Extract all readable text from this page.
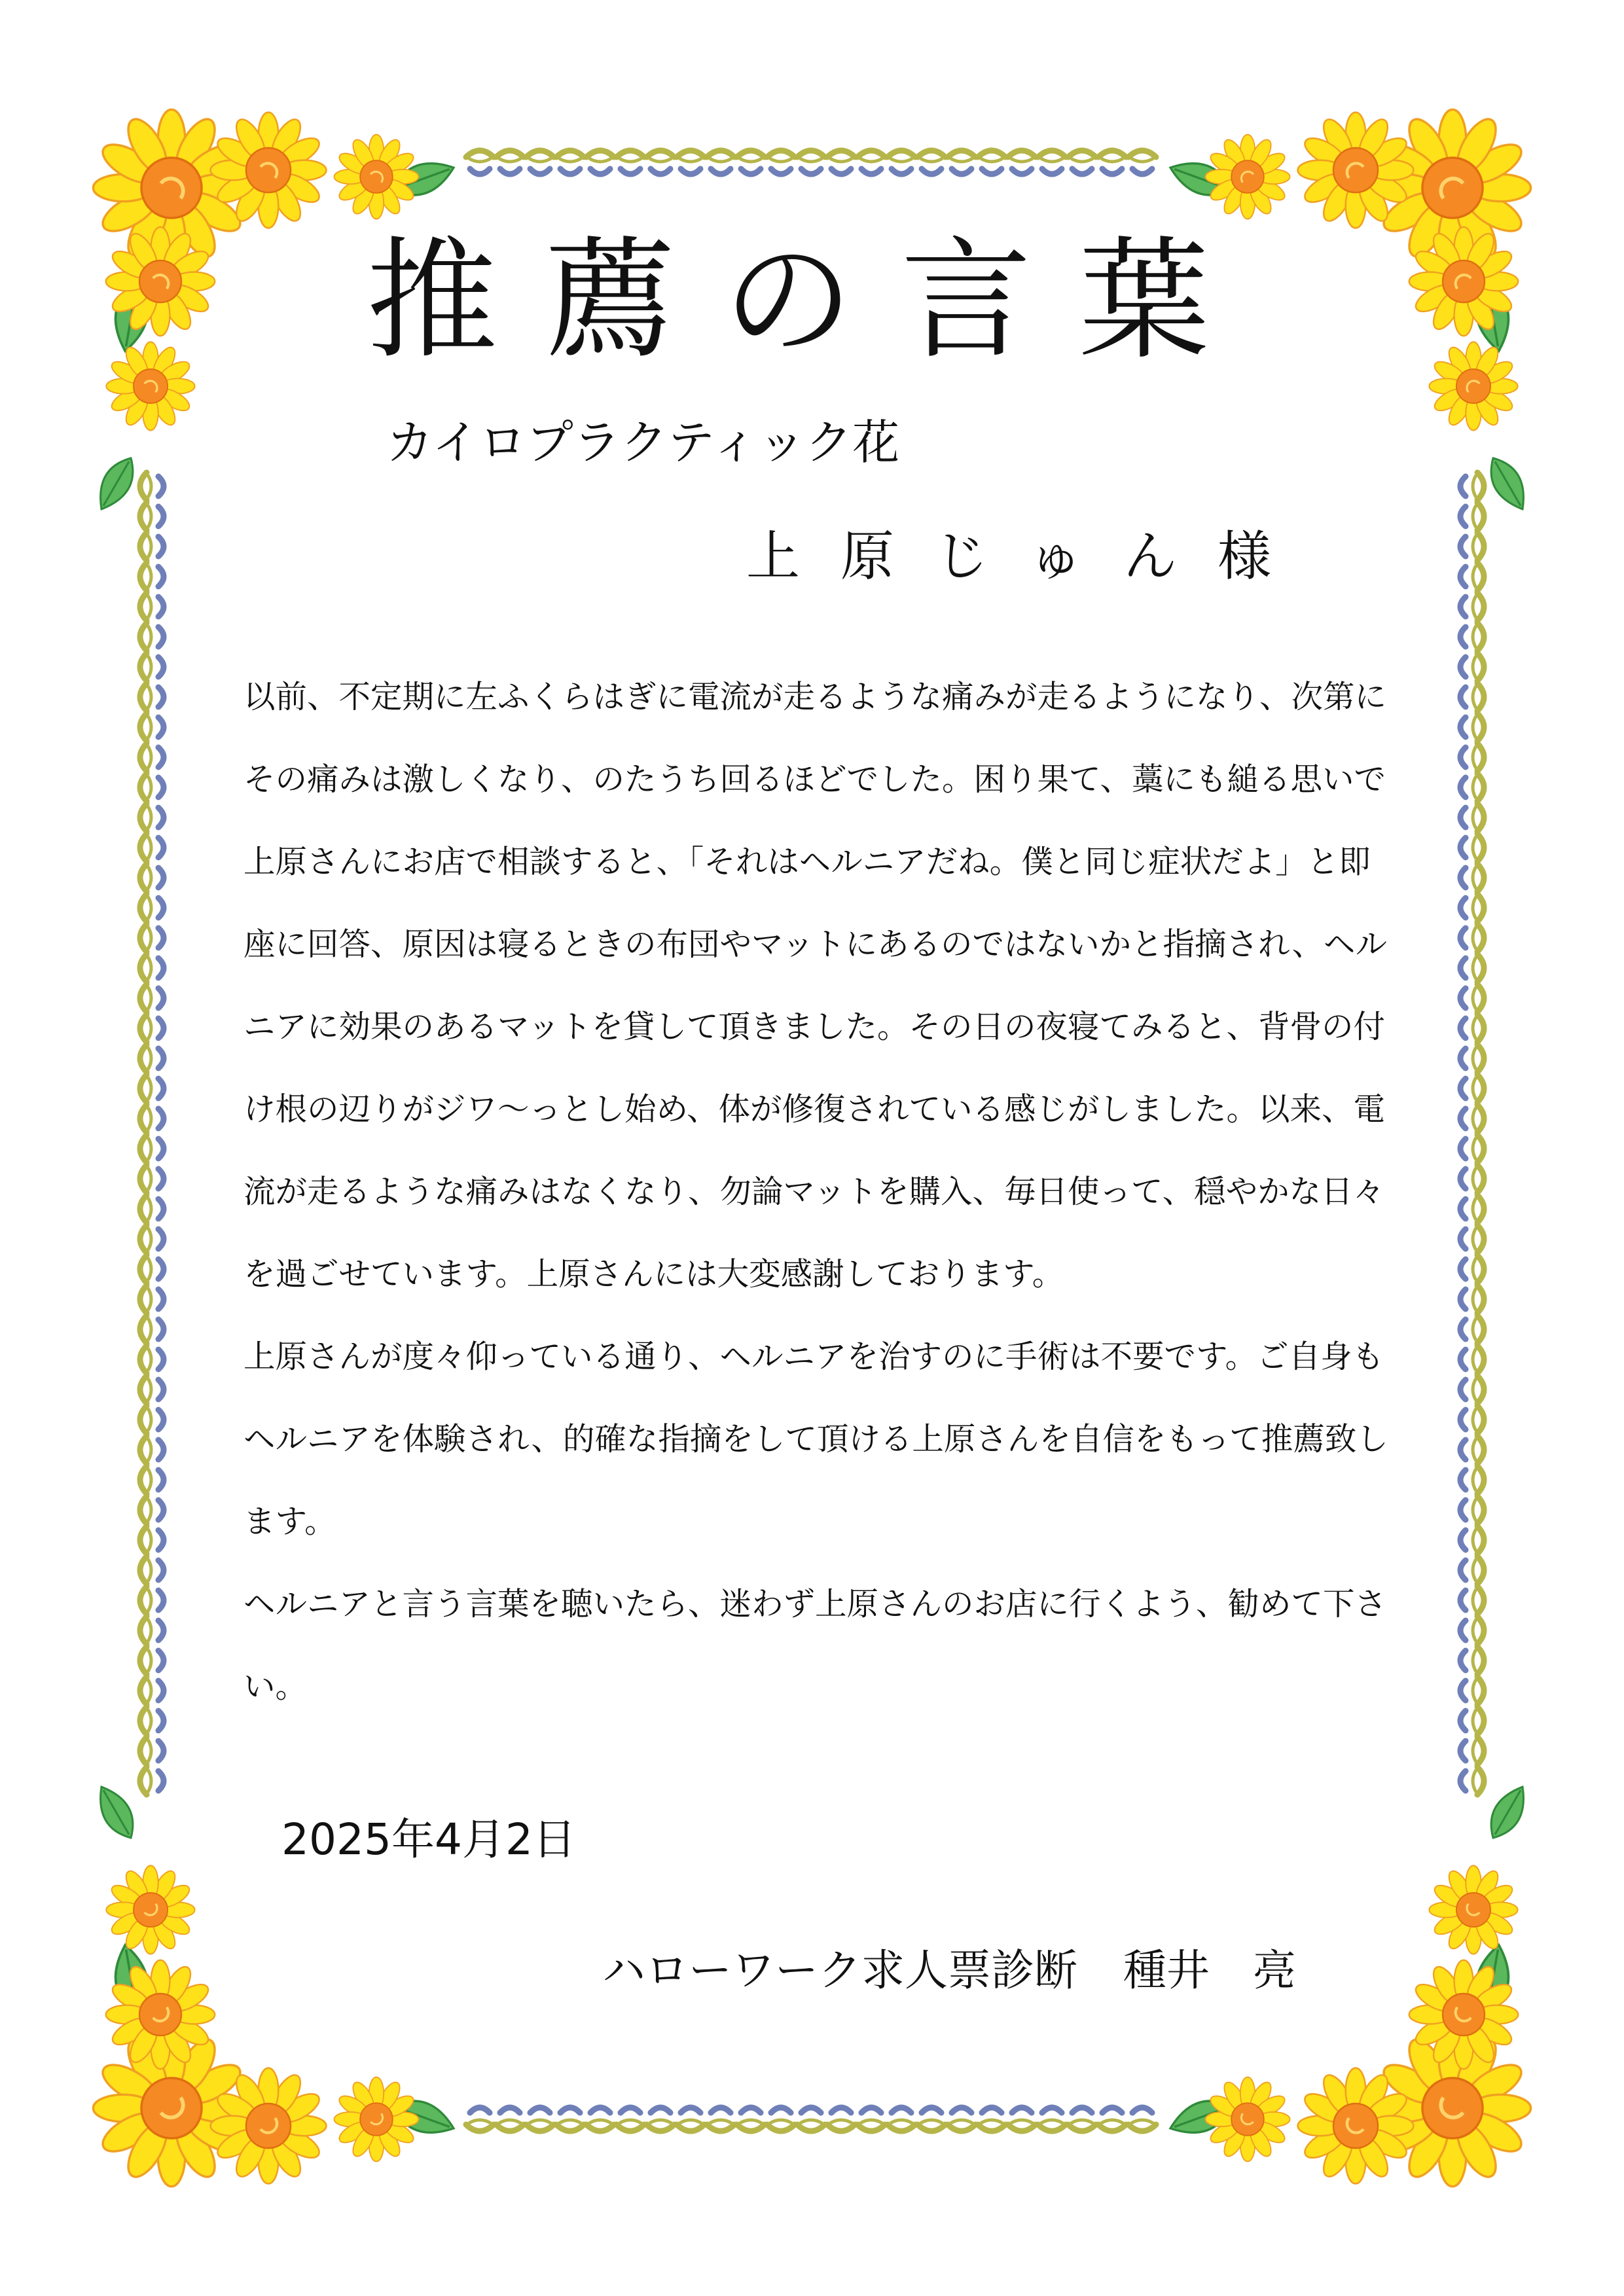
推薦の言葉
カイロプラクティック花
上原じゅん様

以前、不定期に左ふくらはぎに電流が走るような痛みが走るようになり、次第にその痛みは激しくなり、のたうち回るほどでした。困り果て、藁にも縋る思いで上原さんにお店で相談すると、「それはヘルニアだね。僕と同じ症状だよ」と即座に回答、原因は寝るときの布団やマットにあるのではないかと指摘され、ヘルニアに効果のあるマットを貸して頂きました。その日の夜寝てみると、背骨の付け根の辺りがジワ〜っとし始め、体が修復されている感じがしました。以来、電流が走るような痛みはなくなり、勿論マットを購入、毎日使って、穏やかな日々を過ごせています。上原さんには大変感謝しております。

上原さんが度々仰っている通り、ヘルニアを治すのに手術は不要です。ご自身もヘルニアを体験され、的確な指摘をして頂ける上原さんを自信をもって推薦致します。

ヘルニアと言う言葉を聴いたら、迷わず上原さんのお店に行くよう、勧めて下さい。

2025年4月2日
ハローワーク求人票診断 種井　亮
